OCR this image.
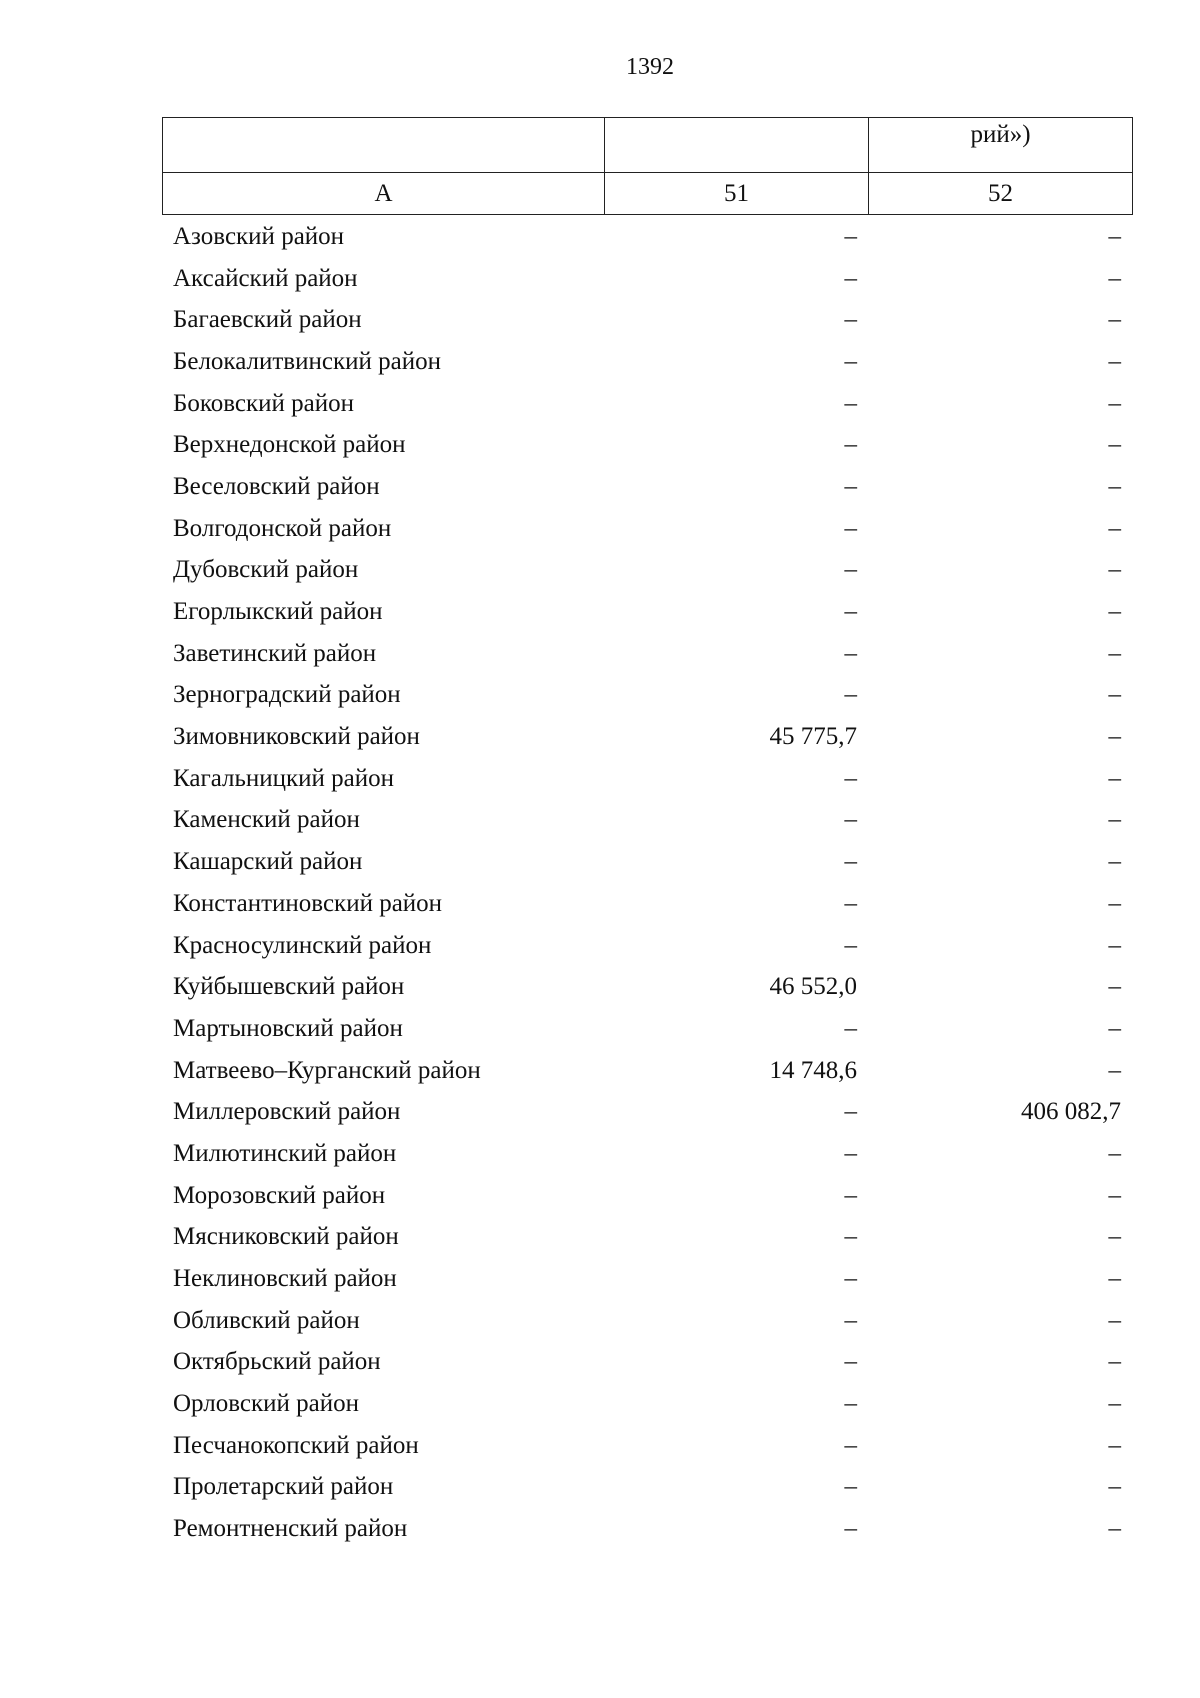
1392
		рий»)
А	51	52
Азовский район	–	–
Аксайский район	–	–
Багаевский район	–	–
Белокалитвинский район	–	–
Боковский район	–	–
Верхнедонской район	–	–
Веселовский район	–	–
Волгодонской район	–	–
Дубовский район	–	–
Егорлыкский район	–	–
Заветинский район	–	–
Зерноградский район	–	–
Зимовниковский район	45 775,7	–
Кагальницкий район	–	–
Каменский район	–	–
Кашарский район	–	–
Константиновский район	–	–
Красносулинский район	–	–
Куйбышевский район	46 552,0	–
Мартыновский район	–	–
Матвеево–Курганский район	14 748,6	–
Миллеровский район	–	406 082,7
Милютинский район	–	–
Морозовский район	–	–
Мясниковский район	–	–
Неклиновский район	–	–
Обливский район	–	–
Октябрьский район	–	–
Орловский район	–	–
Песчанокопский район	–	–
Пролетарский район	–	–
Ремонтненский район	–	–
